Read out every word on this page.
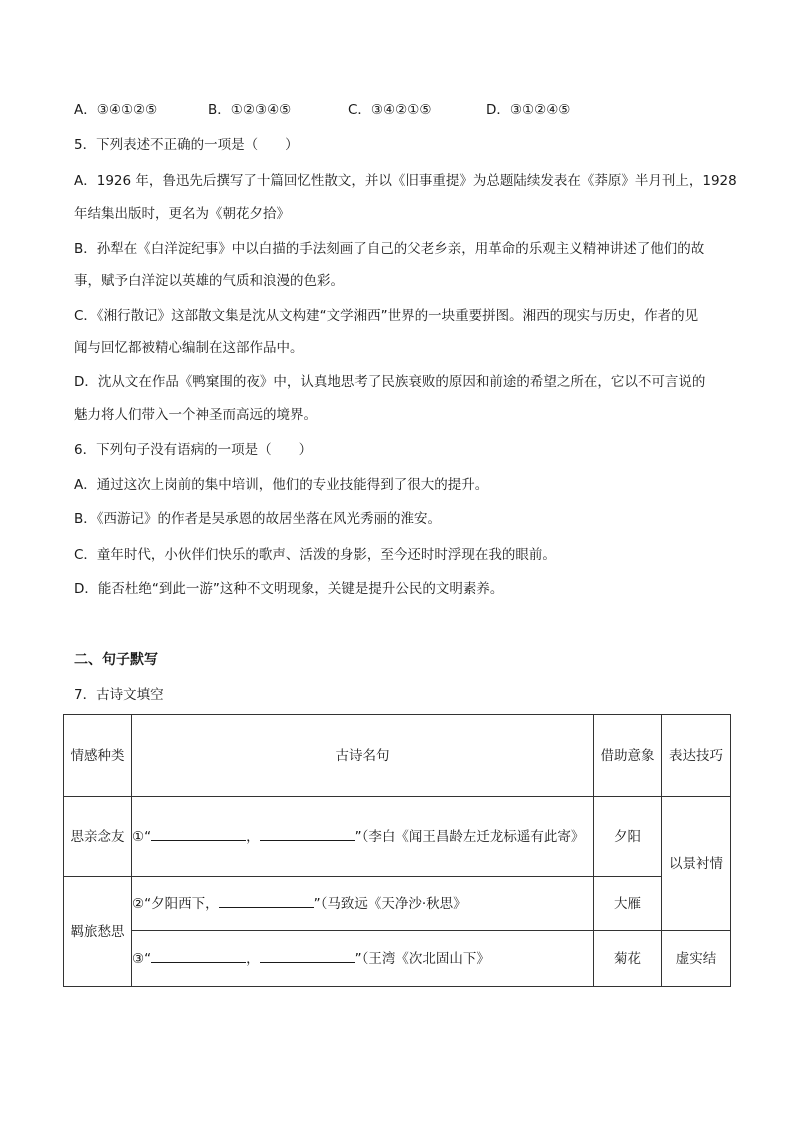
A．③④①②⑤	B．①②③④⑤	C．③④②①⑤	D．③①②④⑤
5．下列表述不正确的一项是（　　）
A．1926 年，鲁迅先后撰写了十篇回忆性散文，并以《旧事重提》为总题陆续发表在《莽原》半月刊上，1928
年结集出版时，更名为《朝花夕拾》
B．孙犁在《白洋淀纪事》中以白描的手法刻画了自己的父老乡亲，用革命的乐观主义精神讲述了他们的故
事，赋予白洋淀以英雄的气质和浪漫的色彩。
C．《湘行散记》这部散文集是沈从文构建“文学湘西”世界的一块重要拼图。湘西的现实与历史，作者的见
闻与回忆都被精心编制在这部作品中。
D．沈从文在作品《鸭窠围的夜》中，认真地思考了民族衰败的原因和前途的希望之所在，它以不可言说的
魅力将人们带入一个神圣而高远的境界。
6．下列句子没有语病的一项是（　　）
A．通过这次上岗前的集中培训，他们的专业技能得到了很大的提升。
B．《西游记》的作者是吴承恩的故居坐落在风光秀丽的淮安。
C．童年时代，小伙伴们快乐的歌声、活泼的身影，至今还时时浮现在我的眼前。
D．能否杜绝“到此一游”这种不文明现象，关键是提升公民的文明素养。
二、句子默写
7．古诗文填空
情感种类	古诗名句	借助意象	表达技巧
思亲念友	①“ ， ”（李白《闻王昌龄左迁龙标遥有此寄》	夕阳	以景衬情
羁旅愁思	②“夕阳西下， ”（马致远《天净沙·秋思》	大雁	
	③“ ， ”（王湾《次北固山下》	菊花	虚实结
